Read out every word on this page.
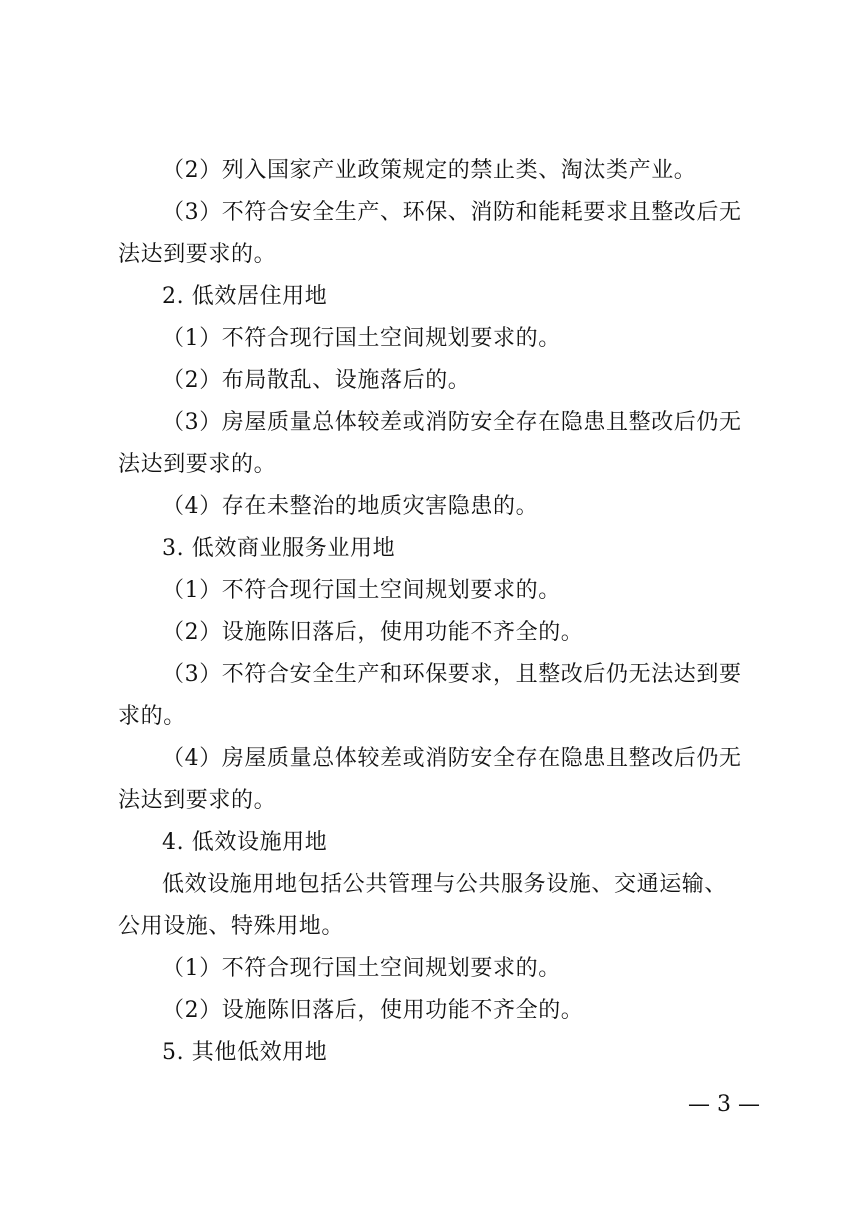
（2）列入国家产业政策规定的禁止类、淘汰类产业。
（3）不符合安全生产、环保、消防和能耗要求且整改后无
法达到要求的。
2. 低效居住用地
（1）不符合现行国土空间规划要求的。
（2）布局散乱、设施落后的。
（3）房屋质量总体较差或消防安全存在隐患且整改后仍无
法达到要求的。
（4）存在未整治的地质灾害隐患的。
3. 低效商业服务业用地
（1）不符合现行国土空间规划要求的。
（2）设施陈旧落后，使用功能不齐全的。
（3）不符合安全生产和环保要求，且整改后仍无法达到要
求的。
（4）房屋质量总体较差或消防安全存在隐患且整改后仍无
法达到要求的。
4. 低效设施用地
低效设施用地包括公共管理与公共服务设施、交通运输、
公用设施、特殊用地。
（1）不符合现行国土空间规划要求的。
（2）设施陈旧落后，使用功能不齐全的。
5. 其他低效用地
— 3 —
